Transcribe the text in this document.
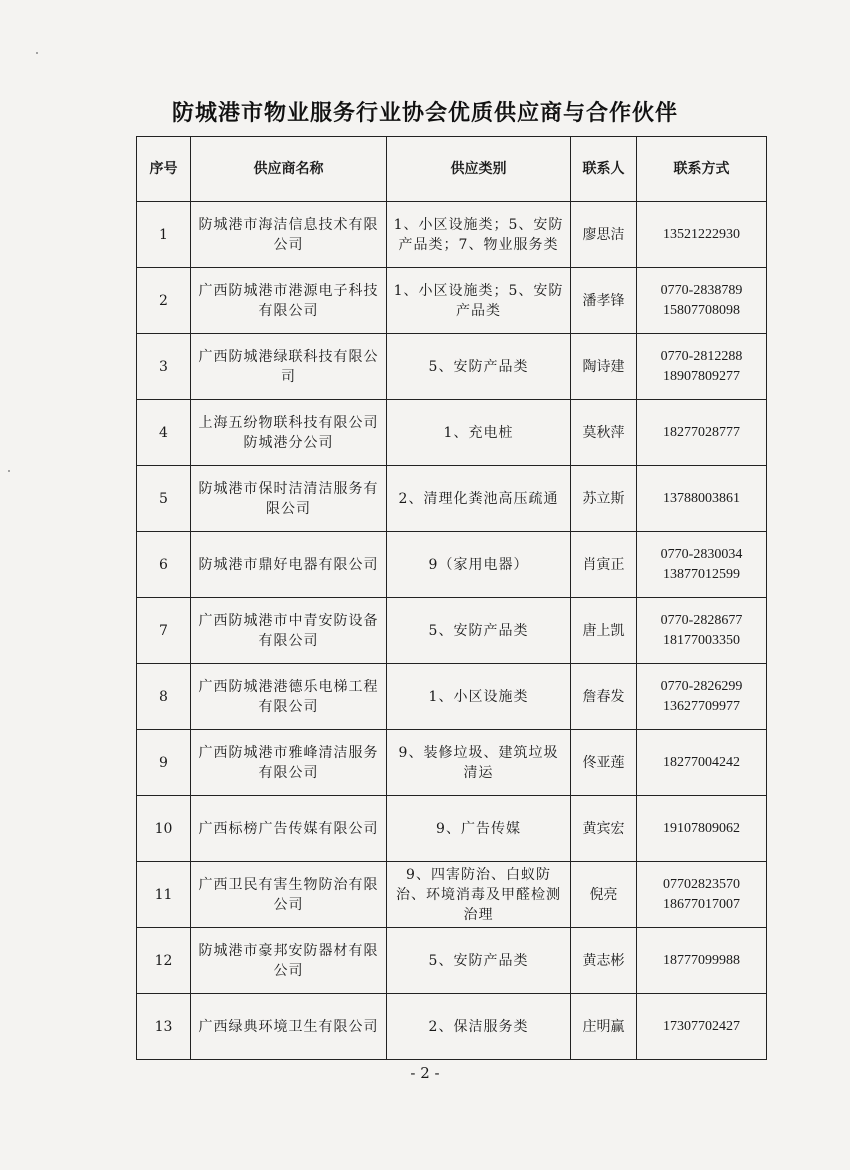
防城港市物业服务行业协会优质供应商与合作伙伴
序号	供应商名称	供应类别	联系人	联系方式
1	防城港市海洁信息技术有限公司	1、小区设施类；5、安防产品类；7、物业服务类	廖思洁	13521222930

2	广西防城港市港源电子科技有限公司	1、小区设施类；5、安防产品类	潘孝锋	0770-2838789
15807708098

3	广西防城港绿联科技有限公司	5、安防产品类	陶诗建	0770-2812288
18907809277

4	上海五纷物联科技有限公司防城港分公司	1、充电桩	莫秋萍	18277028777

5	防城港市保时洁清洁服务有限公司	2、清理化粪池高压疏通	苏立斯	13788003861

6	防城港市鼎好电器有限公司	9（家用电器）	肖寅正	0770-2830034
13877012599

7	广西防城港市中青安防设备有限公司	5、安防产品类	唐上凯	0770-2828677
18177003350

8	广西防城港港德乐电梯工程有限公司	1、小区设施类	詹春发	0770-2826299
13627709977

9	广西防城港市雅峰清洁服务有限公司	9、装修垃圾、建筑垃圾清运	佟亚莲	18277004242

10	广西标榜广告传媒有限公司	9、广告传媒	黄宾宏	19107809062

11	广西卫民有害生物防治有限公司	9、四害防治、白蚁防治、环境消毒及甲醛检测治理	倪亮	07702823570
18677017007

12	防城港市豪邦安防器材有限公司	5、安防产品类	黄志彬	18777099988

13	广西绿典环境卫生有限公司	2、保洁服务类	庄明赢	17307702427
- 2 -
